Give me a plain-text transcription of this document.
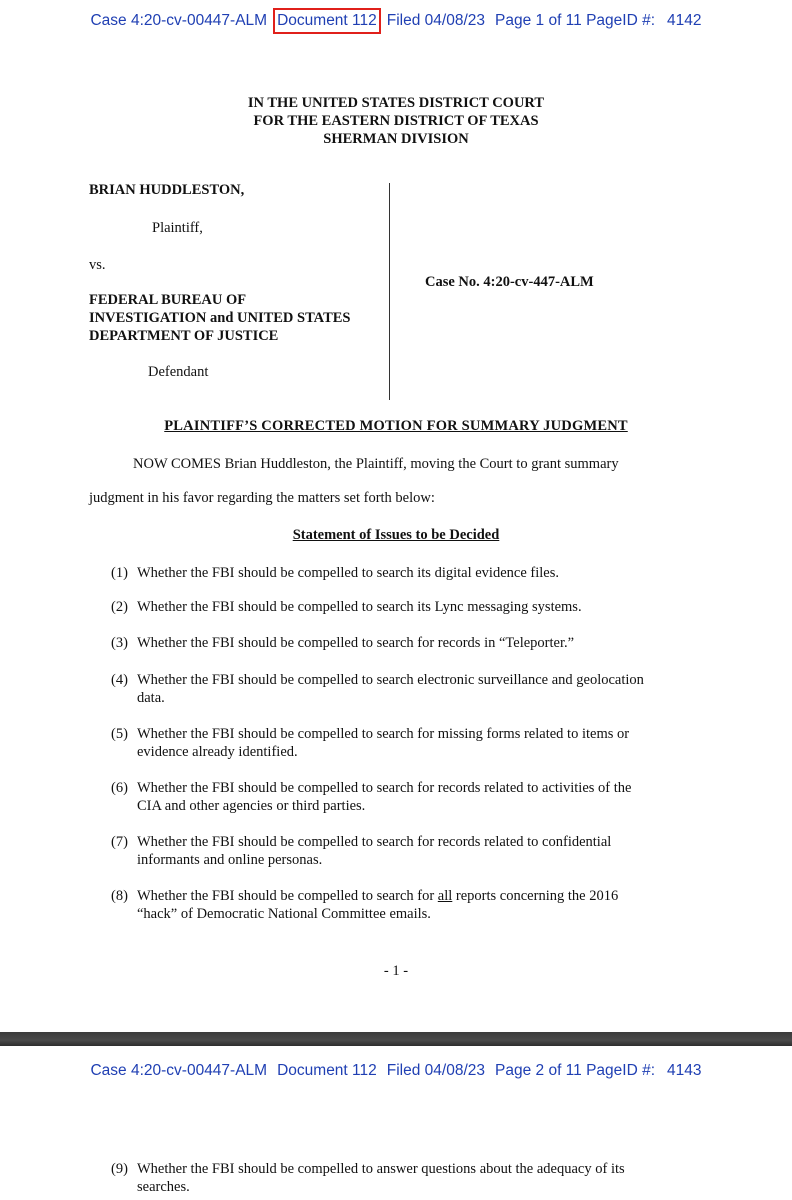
Case 4:20-cv-00447-ALM Document 112 Filed 04/08/23 Page 1 of 11 PageID #: 4142
IN THE UNITED STATES DISTRICT COURT
FOR THE EASTERN DISTRICT OF TEXAS
SHERMAN DIVISION
BRIAN HUDDLESTON,
Plaintiff,
vs.
FEDERAL BUREAU OF
INVESTIGATION and UNITED STATES
DEPARTMENT OF JUSTICE
Defendant
Case No. 4:20-cv-447-ALM
PLAINTIFF’S CORRECTED MOTION FOR SUMMARY JUDGMENT
NOW COMES Brian Huddleston, the Plaintiff, moving the Court to grant summary
judgment in his favor regarding the matters set forth below:
Statement of Issues to be Decided
(1) Whether the FBI should be compelled to search its digital evidence files.
(2) Whether the FBI should be compelled to search its Lync messaging systems.
(3) Whether the FBI should be compelled to search for records in “Teleporter.”
(4) Whether the FBI should be compelled to search electronic surveillance and geolocation
data.
(5) Whether the FBI should be compelled to search for missing forms related to items or
evidence already identified.
(6) Whether the FBI should be compelled to search for records related to activities of the
CIA and other agencies or third parties.
(7) Whether the FBI should be compelled to search for records related to confidential
informants and online personas.
(8) Whether the FBI should be compelled to search for all reports concerning the 2016
“hack” of Democratic National Committee emails.
- 1 -
Case 4:20-cv-00447-ALM Document 112 Filed 04/08/23 Page 2 of 11 PageID #: 4143
(9) Whether the FBI should be compelled to answer questions about the adequacy of its
searches.
